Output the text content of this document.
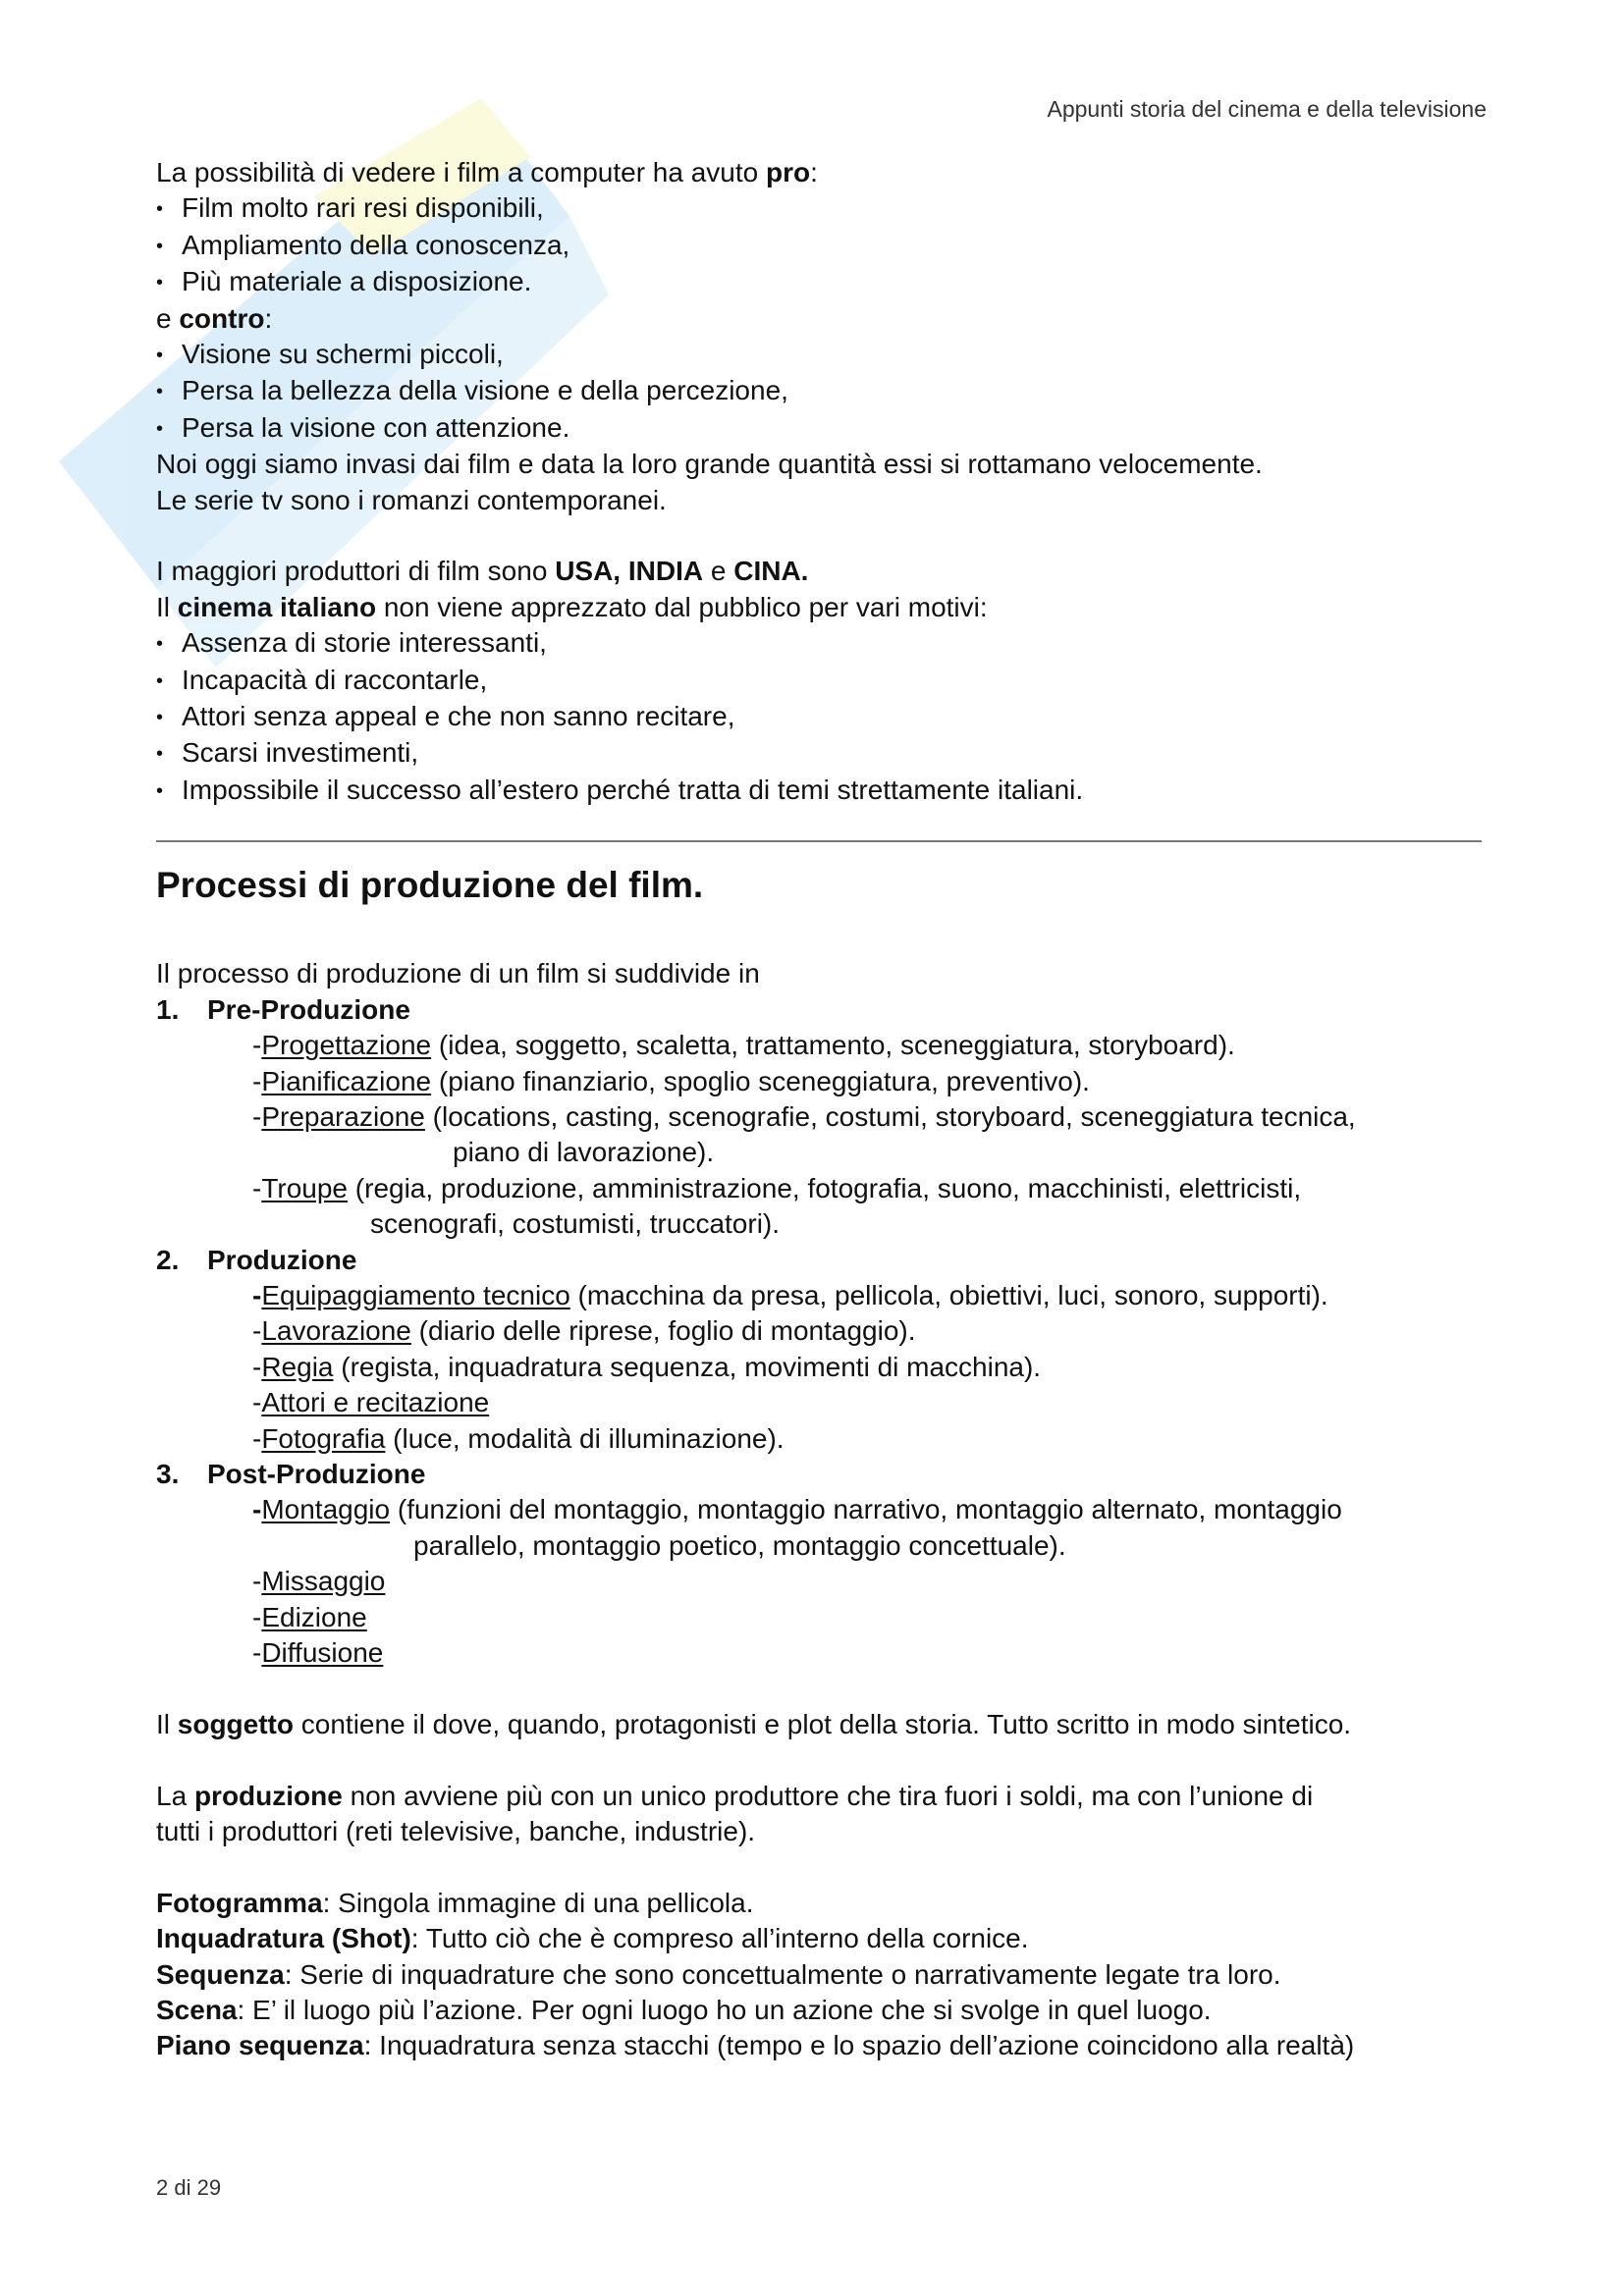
Appunti storia del cinema e della televisione
La possibilità di vedere i film a computer ha avuto pro:
• Film molto rari resi disponibili,
• Ampliamento della conoscenza,
• Più materiale a disposizione.
e contro:
• Visione su schermi piccoli,
• Persa la bellezza della visione e della percezione,
• Persa la visione con attenzione.
Noi oggi siamo invasi dai film e data la loro grande quantità essi si rottamano velocemente.
Le serie tv sono i romanzi contemporanei.
I maggiori produttori di film sono USA, INDIA e CINA.
Il cinema italiano non viene apprezzato dal pubblico per vari motivi:
• Assenza di storie interessanti,
• Incapacità di raccontarle,
• Attori senza appeal e che non sanno recitare,
• Scarsi investimenti,
• Impossibile il successo all’estero perché tratta di temi strettamente italiani.
Processi di produzione del film.
Il processo di produzione di un film si suddivide in
1. Pre-Produzione
-Progettazione (idea, soggetto, scaletta, trattamento, sceneggiatura, storyboard).
-Pianificazione (piano finanziario, spoglio sceneggiatura, preventivo).
-Preparazione (locations, casting, scenografie, costumi, storyboard, sceneggiatura tecnica,
piano di lavorazione).
-Troupe (regia, produzione, amministrazione, fotografia, suono, macchinisti, elettricisti,
scenografi, costumisti, truccatori).
2. Produzione
-Equipaggiamento tecnico (macchina da presa, pellicola, obiettivi, luci, sonoro, supporti).
-Lavorazione (diario delle riprese, foglio di montaggio).
-Regia (regista, inquadratura sequenza, movimenti di macchina).
-Attori e recitazione
-Fotografia (luce, modalità di illuminazione).
3. Post-Produzione
-Montaggio (funzioni del montaggio, montaggio narrativo, montaggio alternato, montaggio
parallelo, montaggio poetico, montaggio concettuale).
-Missaggio
-Edizione
-Diffusione
Il soggetto contiene il dove, quando, protagonisti e plot della storia. Tutto scritto in modo sintetico.
La produzione non avviene più con un unico produttore che tira fuori i soldi, ma con l’unione di
tutti i produttori (reti televisive, banche, industrie).
Fotogramma: Singola immagine di una pellicola.
Inquadratura (Shot): Tutto ciò che è compreso all’interno della cornice.
Sequenza: Serie di inquadrature che sono concettualmente o narrativamente legate tra loro.
Scena: E’ il luogo più l’azione. Per ogni luogo ho un azione che si svolge in quel luogo.
Piano sequenza: Inquadratura senza stacchi (tempo e lo spazio dell’azione coincidono alla realtà)
2 di 29
